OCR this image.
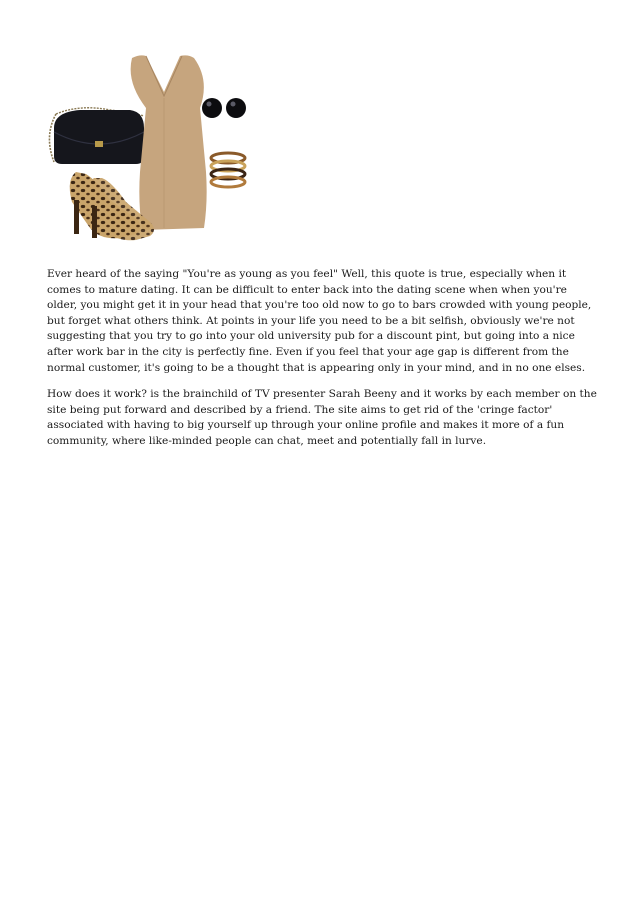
Ever heard of the saying "You're as young as you feel" Well, this quote is true, especially when it comes to mature dating. It can be difficult to enter back into the dating scene when when you're older, you might get it in your head that you're too old now to go to bars crowded with young people, but forget what others think. At points in your life you need to be a bit selfish, obviously we're not suggesting that you try to go into your old university pub for a discount pint, but going into a nice after work bar in the city is perfectly fine. Even if you feel that your age gap is different from the normal customer, it's going to be a thought that is appearing only in your mind, and in no one elses.

How does it work? is the brainchild of TV presenter Sarah Beeny and it works by each member on the site being put forward and described by a friend. The site aims to get rid of the 'cringe factor' associated with having to big yourself up through your online profile and makes it more of a fun community, where like-minded people can chat, meet and potentially fall in lurve.
